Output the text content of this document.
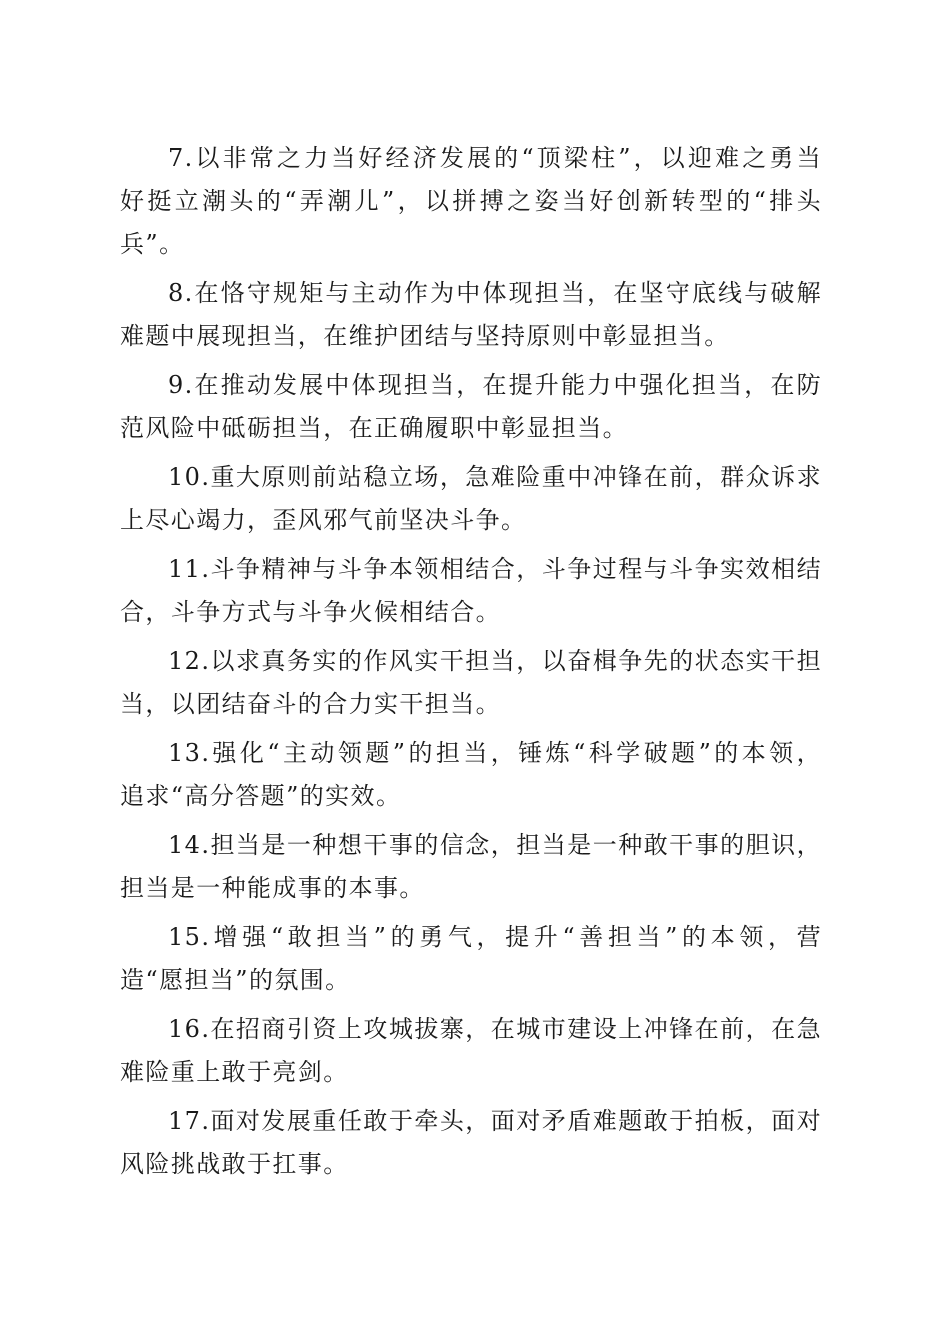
7.以非常之力当好经济发展的“顶梁柱”，以迎难之勇当
好挺立潮头的“弄潮儿”，以拼搏之姿当好创新转型的“排头
兵”。

8.在恪守规矩与主动作为中体现担当，在坚守底线与破解
难题中展现担当，在维护团结与坚持原则中彰显担当。

9.在推动发展中体现担当，在提升能力中强化担当，在防
范风险中砥砺担当，在正确履职中彰显担当。

10.重大原则前站稳立场，急难险重中冲锋在前，群众诉求
上尽心竭力，歪风邪气前坚决斗争。

11.斗争精神与斗争本领相结合，斗争过程与斗争实效相结
合，斗争方式与斗争火候相结合。

12.以求真务实的作风实干担当，以奋楫争先的状态实干担
当，以团结奋斗的合力实干担当。

13.强化“主动领题”的担当，锤炼“科学破题”的本领，
追求“高分答题”的实效。

14.担当是一种想干事的信念，担当是一种敢干事的胆识，
担当是一种能成事的本事。

15.增强“敢担当”的勇气，提升“善担当”的本领，营
造“愿担当”的氛围。

16.在招商引资上攻城拔寨，在城市建设上冲锋在前，在急
难险重上敢于亮剑。

17.面对发展重任敢于牵头，面对矛盾难题敢于拍板，面对
风险挑战敢于扛事。
